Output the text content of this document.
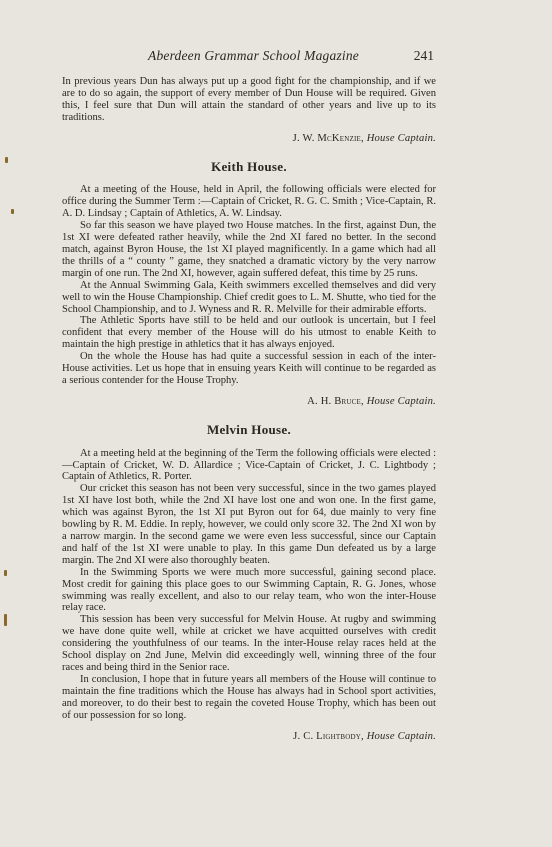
Aberdeen Grammar School Magazine	241

In previous years Dun has always put up a good fight for the championship, and if we are to do so again, the support of every member of Dun House will be required. Given this, I feel sure that Dun will attain the standard of other years and live up to its traditions.

J. W. McKenzie, House Captain.
Keith House.

At a meeting of the House, held in April, the following officials were elected for office during the Summer Term :—Captain of Cricket, R. G. C. Smith ; Vice-Captain, R. A. D. Lindsay ; Captain of Athletics, A. W. Lindsay.

So far this season we have played two House matches. In the first, against Dun, the 1st XI were defeated rather heavily, while the 2nd XI fared no better. In the second match, against Byron House, the 1st XI played magnificently. In a game which had all the thrills of a “ county ” game, they snatched a dramatic victory by the very narrow margin of one run. The 2nd XI, however, again suffered defeat, this time by 25 runs.

At the Annual Swimming Gala, Keith swimmers excelled themselves and did very well to win the House Championship. Chief credit goes to L. M. Shutte, who tied for the School Championship, and to J. Wyness and R. R. Melville for their admirable efforts.

The Athletic Sports have still to be held and our outlook is uncertain, but I feel confident that every member of the House will do his utmost to enable Keith to maintain the high prestige in athletics that it has always enjoyed.

On the whole the House has had quite a successful session in each of the inter-House activities. Let us hope that in ensuing years Keith will continue to be regarded as a serious contender for the House Trophy.

A. H. Bruce, House Captain.
Melvin House.

At a meeting held at the beginning of the Term the following officials were elected :—Captain of Cricket, W. D. Allardice ; Vice-Captain of Cricket, J. C. Lightbody ; Captain of Athletics, R. Porter.

Our cricket this season has not been very successful, since in the two games played 1st XI have lost both, while the 2nd XI have lost one and won one. In the first game, which was against Byron, the 1st XI put Byron out for 64, due mainly to very fine bowling by R. M. Eddie. In reply, however, we could only score 32. The 2nd XI won by a narrow margin. In the second game we were even less successful, since our Captain and half of the 1st XI were unable to play. In this game Dun defeated us by a large margin. The 2nd XI were also thoroughly beaten.

In the Swimming Sports we were much more successful, gaining second place. Most credit for gaining this place goes to our Swimming Captain, R. G. Jones, whose swimming was really excellent, and also to our relay team, who won the inter-House relay race.

This session has been very successful for Melvin House. At rugby and swimming we have done quite well, while at cricket we have acquitted ourselves with credit considering the youthfulness of our teams. In the inter-House relay races held at the School display on 2nd June, Melvin did exceedingly well, winning three of the four races and being third in the Senior race.

In conclusion, I hope that in future years all members of the House will continue to maintain the fine traditions which the House has always had in School sport activities, and moreover, to do their best to regain the coveted House Trophy, which has been out of our possession for so long.

J. C. Lightbody, House Captain.
